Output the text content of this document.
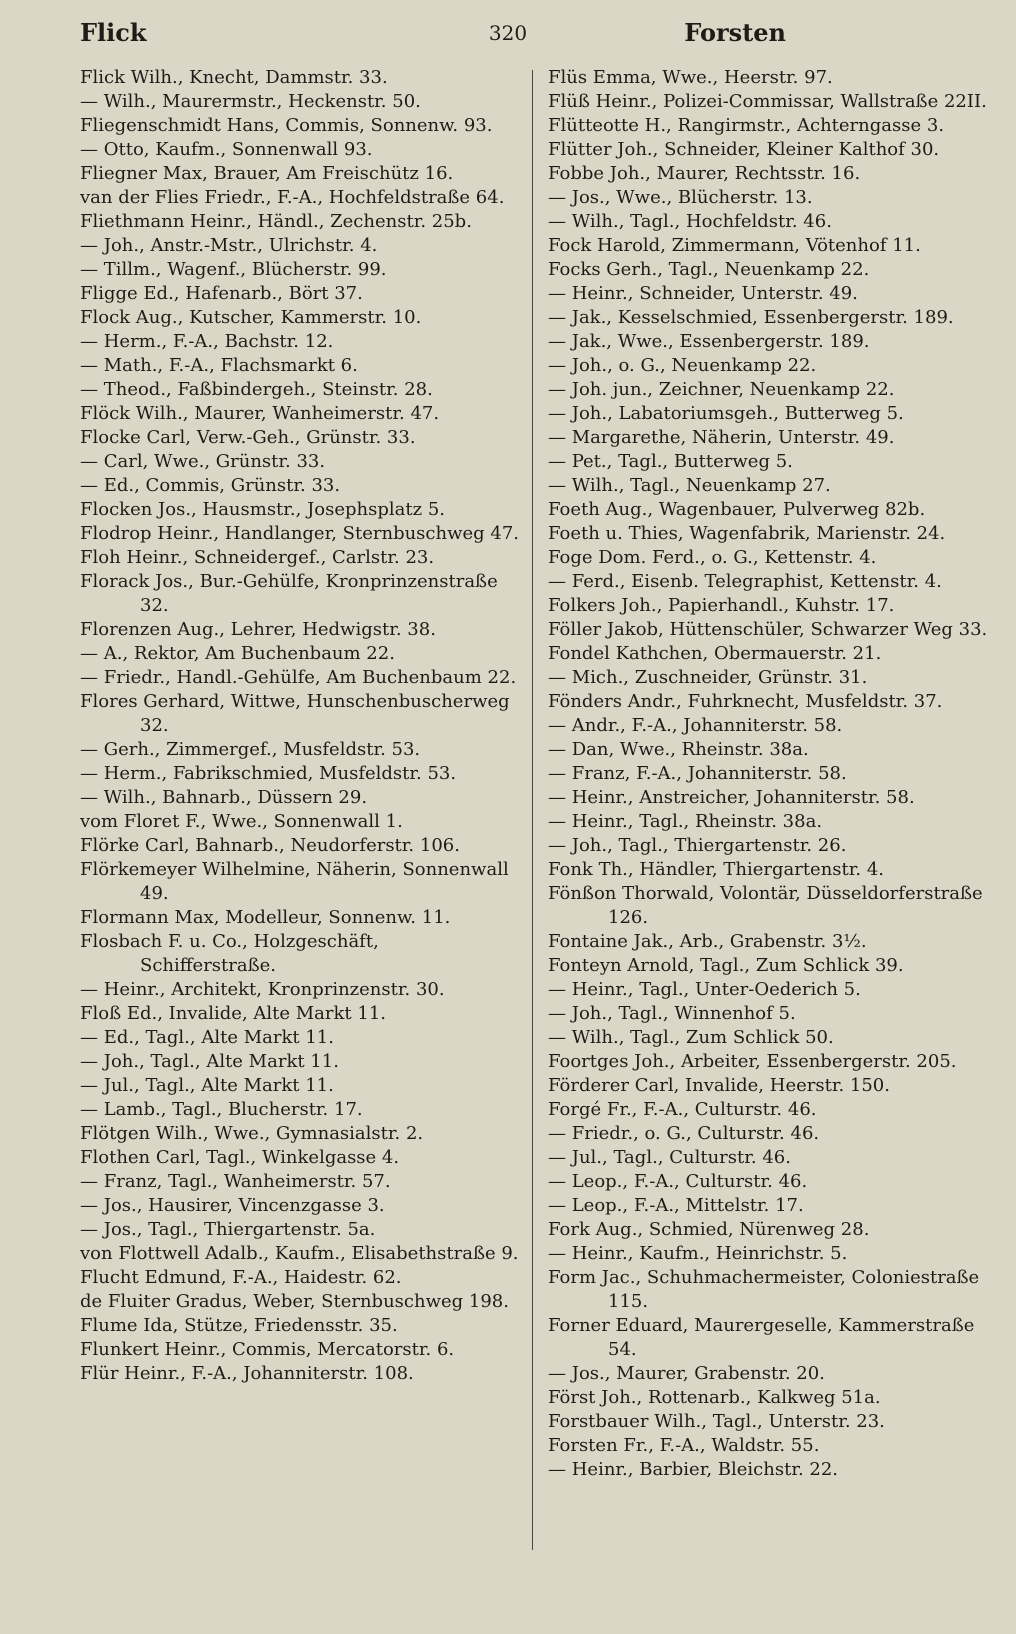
Flick	320	Forsten
Flick Wilh., Knecht, Dammstr. 33.
— Wilh., Maurermstr., Heckenstr. 50.
Fliegenschmidt Hans, Commis, Sonnenw. 93.
— Otto, Kaufm., Sonnenwall 93.
Fliegner Max, Brauer, Am Freischütz 16.
van der Flies Friedr., F.-A., Hochfeldstraße 64.
Fliethmann Heinr., Händl., Zechenstr. 25b.
— Joh., Anstr.-Mstr., Ulrichstr. 4.
— Tillm., Wagenf., Blücherstr. 99.
Fligge Ed., Hafenarb., Bört 37.
Flock Aug., Kutscher, Kammerstr. 10.
— Herm., F.-A., Bachstr. 12.
— Math., F.-A., Flachsmarkt 6.
— Theod., Faßbindergeh., Steinstr. 28.
Flöck Wilh., Maurer, Wanheimerstr. 47.
Flocke Carl, Verw.-Geh., Grünstr. 33.
— Carl, Wwe., Grünstr. 33.
— Ed., Commis, Grünstr. 33.
Flocken Jos., Hausmstr., Josephsplatz 5.
Flodrop Heinr., Handlanger, Sternbuschweg 47.
Floh Heinr., Schneidergef., Carlstr. 23.
Florack Jos., Bur.-Gehülfe, Kronprinzenstraße 32.
Florenzen Aug., Lehrer, Hedwigstr. 38.
— A., Rektor, Am Buchenbaum 22.
— Friedr., Handl.-Gehülfe, Am Buchenbaum 22.
Flores Gerhard, Wittwe, Hunschenbuscherweg 32.
— Gerh., Zimmergef., Musfeldstr. 53.
— Herm., Fabrikschmied, Musfeldstr. 53.
— Wilh., Bahnarb., Düssern 29.
vom Floret F., Wwe., Sonnenwall 1.
Flörke Carl, Bahnarb., Neudorferstr. 106.
Flörkemeyer Wilhelmine, Näherin, Sonnenwall 49.
Flormann Max, Modelleur, Sonnenw. 11.
Flosbach F. u. Co., Holzgeschäft, Schifferstraße.
— Heinr., Architekt, Kronprinzenstr. 30.
Floß Ed., Invalide, Alte Markt 11.
— Ed., Tagl., Alte Markt 11.
— Joh., Tagl., Alte Markt 11.
— Jul., Tagl., Alte Markt 11.
— Lamb., Tagl., Blucherstr. 17.
Flötgen Wilh., Wwe., Gymnasialstr. 2.
Flothen Carl, Tagl., Winkelgasse 4.
— Franz, Tagl., Wanheimerstr. 57.
— Jos., Hausirer, Vincenzgasse 3.
— Jos., Tagl., Thiergartenstr. 5a.
von Flottwell Adalb., Kaufm., Elisabethstraße 9.
Flucht Edmund, F.-A., Haidestr. 62.
de Fluiter Gradus, Weber, Sternbuschweg 198.
Flume Ida, Stütze, Friedensstr. 35.
Flunkert Heinr., Commis, Mercatorstr. 6.
Flür Heinr., F.-A., Johanniterstr. 108.
Flüs Emma, Wwe., Heerstr. 97.
Flüß Heinr., Polizei-Commissar, Wallstraße 22II.
Flütteotte H., Rangirmstr., Achterngasse 3.
Flütter Joh., Schneider, Kleiner Kalthof 30.
Fobbe Joh., Maurer, Rechtsstr. 16.
— Jos., Wwe., Blücherstr. 13.
— Wilh., Tagl., Hochfeldstr. 46.
Fock Harold, Zimmermann, Vötenhof 11.
Focks Gerh., Tagl., Neuenkamp 22.
— Heinr., Schneider, Unterstr. 49.
— Jak., Kesselschmied, Essenbergerstr. 189.
— Jak., Wwe., Essenbergerstr. 189.
— Joh., o. G., Neuenkamp 22.
— Joh. jun., Zeichner, Neuenkamp 22.
— Joh., Labatoriumsgeh., Butterweg 5.
— Margarethe, Näherin, Unterstr. 49.
— Pet., Tagl., Butterweg 5.
— Wilh., Tagl., Neuenkamp 27.
Foeth Aug., Wagenbauer, Pulverweg 82b.
Foeth u. Thies, Wagenfabrik, Marienstr. 24.
Foge Dom. Ferd., o. G., Kettenstr. 4.
— Ferd., Eisenb. Telegraphist, Kettenstr. 4.
Folkers Joh., Papierhandl., Kuhstr. 17.
Föller Jakob, Hüttenschüler, Schwarzer Weg 33.
Fondel Kathchen, Obermauerstr. 21.
— Mich., Zuschneider, Grünstr. 31.
Fönders Andr., Fuhrknecht, Musfeldstr. 37.
— Andr., F.-A., Johanniterstr. 58.
— Dan, Wwe., Rheinstr. 38a.
— Franz, F.-A., Johanniterstr. 58.
— Heinr., Anstreicher, Johanniterstr. 58.
— Heinr., Tagl., Rheinstr. 38a.
— Joh., Tagl., Thiergartenstr. 26.
Fonk Th., Händler, Thiergartenstr. 4.
Fönßon Thorwald, Volontär, Düsseldorferstraße 126.
Fontaine Jak., Arb., Grabenstr. 3½.
Fonteyn Arnold, Tagl., Zum Schlick 39.
— Heinr., Tagl., Unter-Oederich 5.
— Joh., Tagl., Winnenhof 5.
— Wilh., Tagl., Zum Schlick 50.
Foortges Joh., Arbeiter, Essenbergerstr. 205.
Förderer Carl, Invalide, Heerstr. 150.
Forgé Fr., F.-A., Culturstr. 46.
— Friedr., o. G., Culturstr. 46.
— Jul., Tagl., Culturstr. 46.
— Leop., F.-A., Culturstr. 46.
— Leop., F.-A., Mittelstr. 17.
Fork Aug., Schmied, Nürenweg 28.
— Heinr., Kaufm., Heinrichstr. 5.
Form Jac., Schuhmachermeister, Coloniestraße 115.
Forner Eduard, Maurergeselle, Kammerstraße 54.
— Jos., Maurer, Grabenstr. 20.
Först Joh., Rottenarb., Kalkweg 51a.
Forstbauer Wilh., Tagl., Unterstr. 23.
Forsten Fr., F.-A., Waldstr. 55.
— Heinr., Barbier, Bleichstr. 22.
